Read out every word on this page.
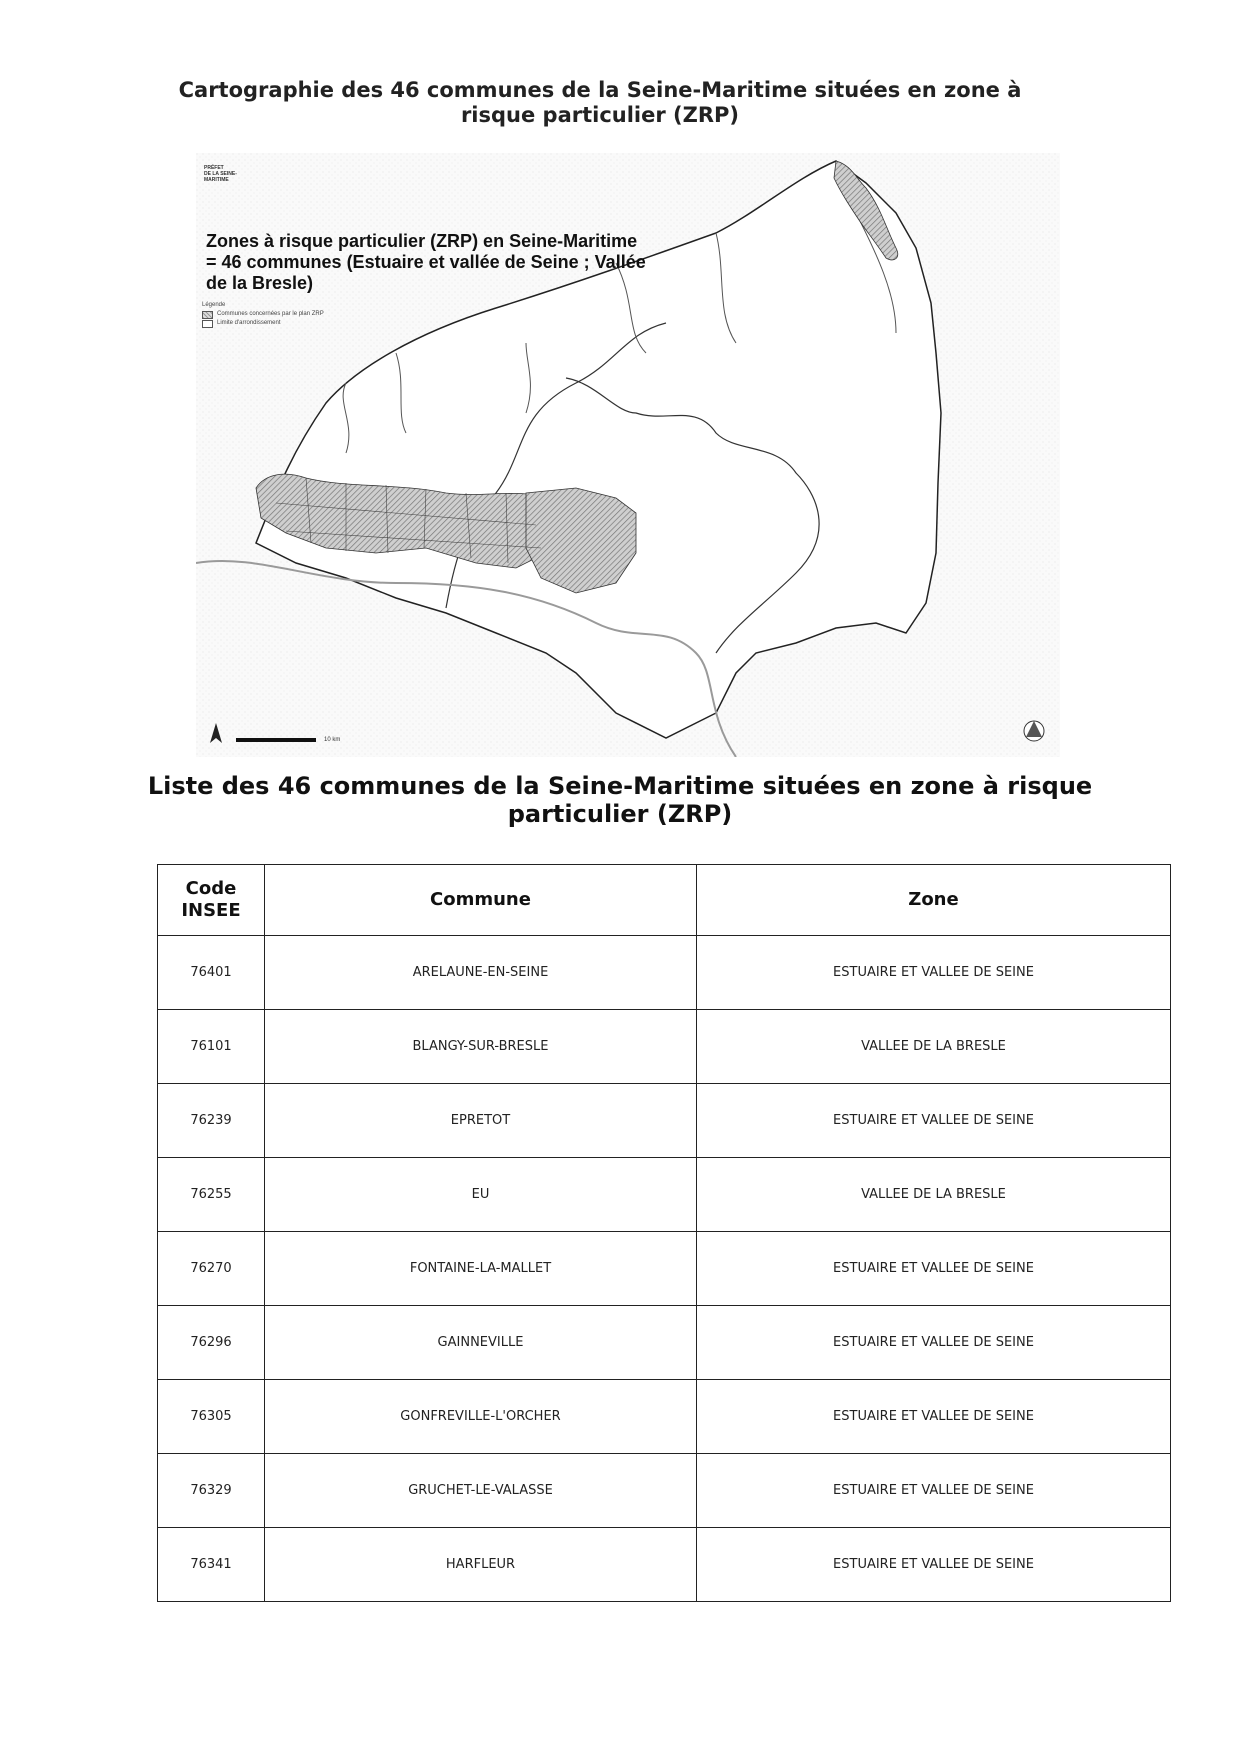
Cartographie des 46 communes de la Seine-Maritime situées en zone à risque particulier (ZRP)
PRÉFET
DE LA SEINE-
MARITIME
Zones à risque particulier (ZRP) en Seine-Maritime = 46 communes (Estuaire et vallée de Seine ; Vallée de la Bresle)
Légende
Communes concernées par le plan ZRP
Limite d'arrondissement
10 km
Liste des 46 communes de la Seine-Maritime situées en zone à risque particulier (ZRP)
Code INSEE	Commune	Zone
76401	ARELAUNE-EN-SEINE	ESTUAIRE ET VALLEE DE SEINE
76101	BLANGY-SUR-BRESLE	VALLEE DE LA BRESLE
76239	EPRETOT	ESTUAIRE ET VALLEE DE SEINE
76255	EU	VALLEE DE LA BRESLE
76270	FONTAINE-LA-MALLET	ESTUAIRE ET VALLEE DE SEINE
76296	GAINNEVILLE	ESTUAIRE ET VALLEE DE SEINE
76305	GONFREVILLE-L'ORCHER	ESTUAIRE ET VALLEE DE SEINE
76329	GRUCHET-LE-VALASSE	ESTUAIRE ET VALLEE DE SEINE
76341	HARFLEUR	ESTUAIRE ET VALLEE DE SEINE
